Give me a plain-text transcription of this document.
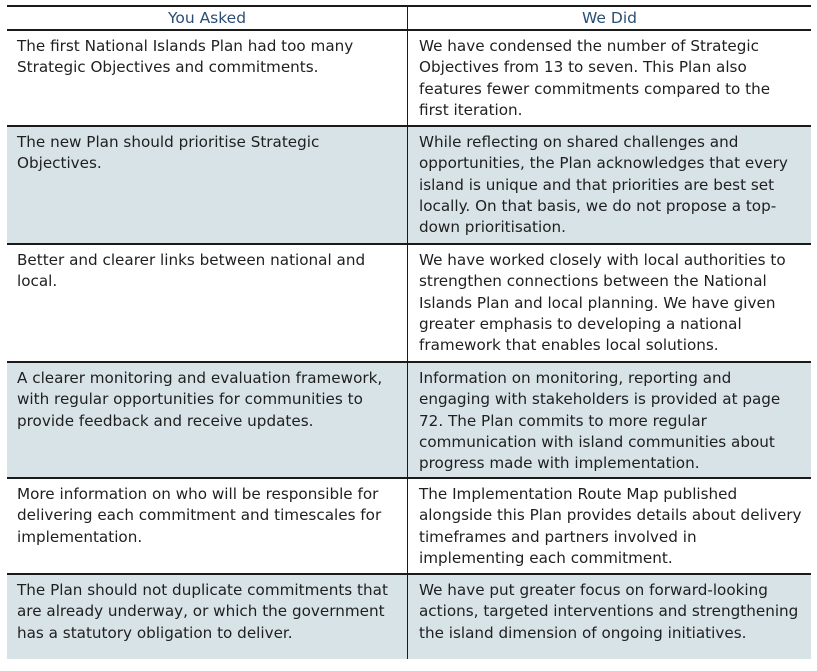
You Asked	We Did
The first National Islands Plan had too many Strategic Objectives and commitments.
We have condensed the number of Strategic Objectives from 13 to seven. This Plan also features fewer commitments compared to the first iteration.
The new Plan should prioritise Strategic Objectives.
While reflecting on shared challenges and opportunities, the Plan acknowledges that every island is unique and that priorities are best set locally. On that basis, we do not propose a top-down prioritisation.
Better and clearer links between national and local.
We have worked closely with local authorities to strengthen connections between the National Islands Plan and local planning. We have given greater emphasis to developing a national framework that enables local solutions.
A clearer monitoring and evaluation framework, with regular opportunities for communities to provide feedback and receive updates.
Information on monitoring, reporting and engaging with stakeholders is provided at page 72. The Plan commits to more regular communication with island communities about progress made with implementation.
More information on who will be responsible for delivering each commitment and timescales for implementation.
The Implementation Route Map published alongside this Plan provides details about delivery timeframes and partners involved in implementing each commitment.
The Plan should not duplicate commitments that are already underway, or which the government has a statutory obligation to deliver.
We have put greater focus on forward-looking actions, targeted interventions and strengthening the island dimension of ongoing initiatives.
